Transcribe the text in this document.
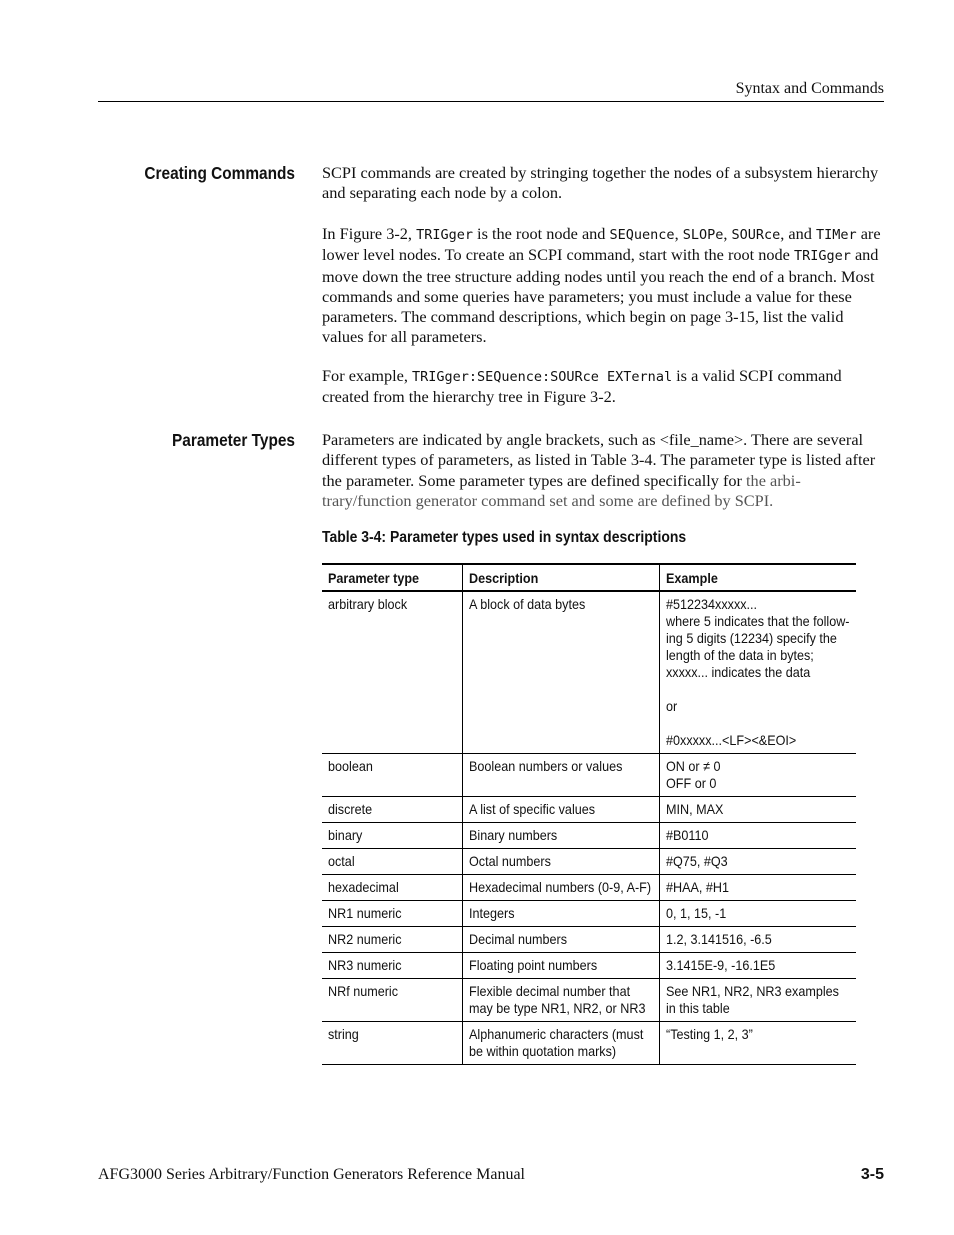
Syntax and Commands
Creating Commands SCPI commands are created by stringing together the nodes of a subsystem hierarchy and separating each node by a colon.
In Figure 3-2, TRIGger is the root node and SEQuence, SLOPe, SOURce, and TIMer are lower level nodes. To create an SCPI command, start with the root node TRIGger and move down the tree structure adding nodes until you reach the end of a branch. Most commands and some queries have parameters; you must include a value for these parameters. The command descriptions, which begin on page 3-15, list the valid values for all parameters.
For example, TRIGger:SEQuence:SOURce EXTernal is a valid SCPI command created from the hierarchy tree in Figure 3-2.
Parameter Types Parameters are indicated by angle brackets, such as <file_name>. There are several different types of parameters, as listed in Table 3-4. The parameter type is listed after the parameter. Some parameter types are defined specifically for the arbitrary/function generator command set and some are defined by SCPI.
Table 3-4: Parameter types used in syntax descriptions
Parameter type	Description	Example

arbitrary block	A block of data bytes	#512234xxxxx...
where 5 indicates that the follow-ing 5 digits (12234) specify the length of the data in bytes;
xxxxx... indicates the data

or

#0xxxxx...<LF><&EOI>

boolean	Boolean numbers or values	ON or ≠ 0
OFF or 0

discrete	A list of specific values	MIN, MAX

binary	Binary numbers	#B0110

octal	Octal numbers	#Q75, #Q3

hexadecimal	Hexadecimal numbers (0-9, A-F)	#HAA, #H1

NR1 numeric	Integers	0, 1, 15, -1

NR2 numeric	Decimal numbers	1.2, 3.141516, -6.5

NR3 numeric	Floating point numbers	3.1415E-9, -16.1E5

NRf numeric	Flexible decimal number that may be type NR1, NR2, or NR3	See NR1, NR2, NR3 examples in this table

string	Alphanumeric characters (must be within quotation marks)	“Testing 1, 2, 3”
AFG3000 Series Arbitrary/Function Generators Reference Manual	3-5
